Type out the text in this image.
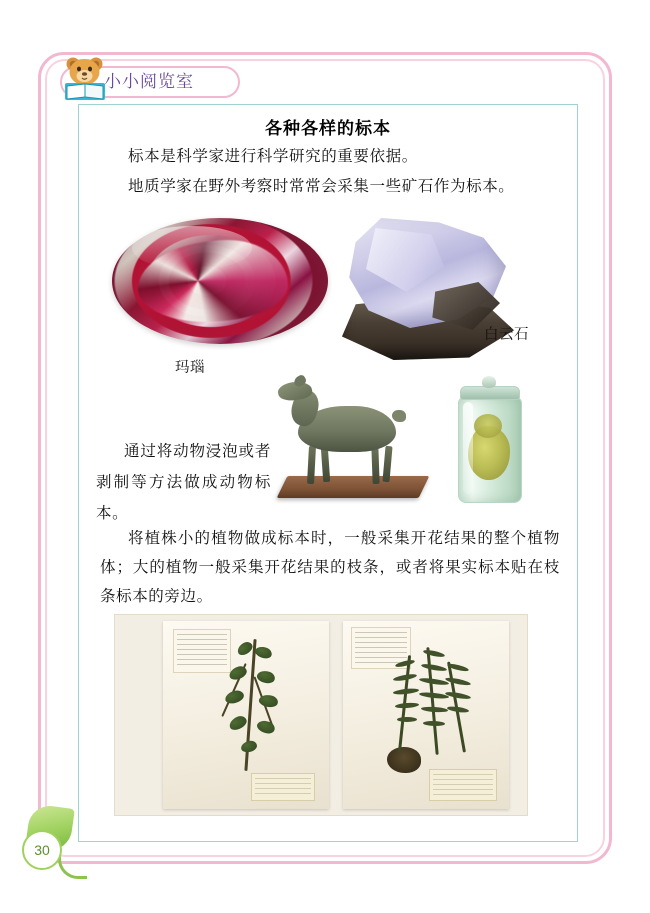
小小阅览室
各种各样的标本
标本是科学家进行科学研究的重要依据。
地质学家在野外考察时常常会采集一些矿石作为标本。
玛瑙
白云石
通过将动物浸泡或者剥制等方法做成动物标本。
将植株小的植物做成标本时，一般采集开花结果的整个植物体；大的植物一般采集开花结果的枝条，或者将果实标本贴在枝条标本的旁边。
30
